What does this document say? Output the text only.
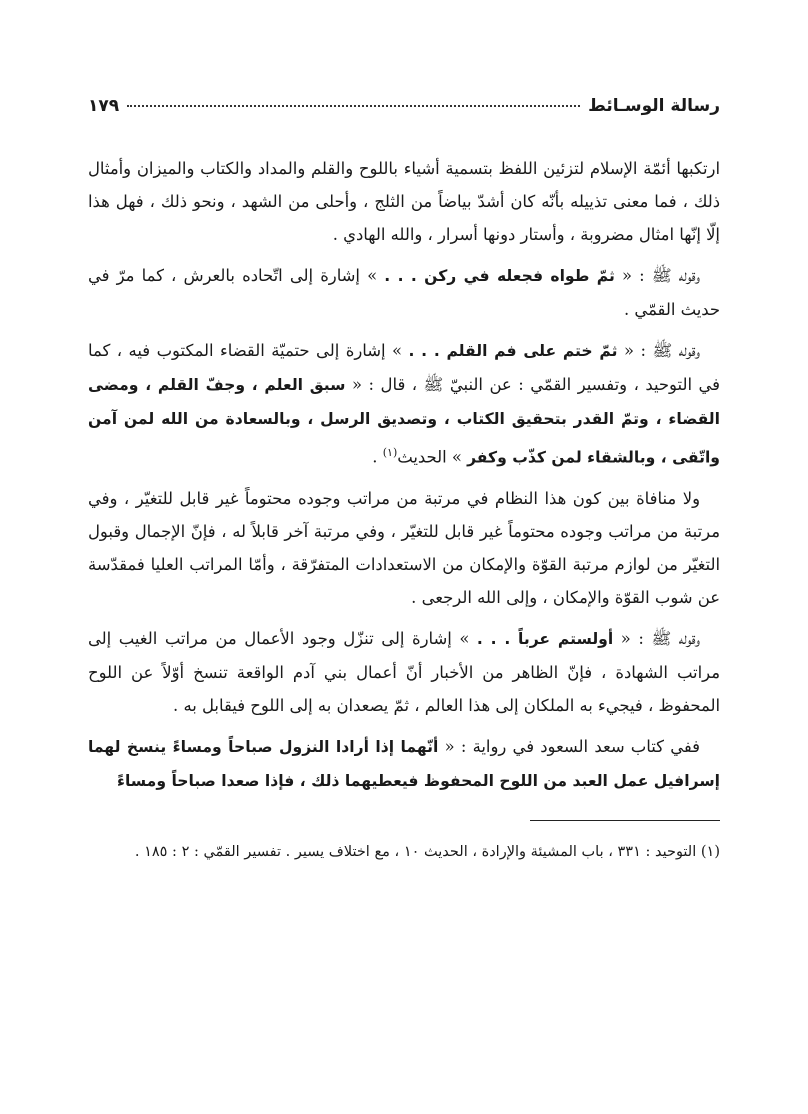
رسالة الوسـائط
١٧٩

ارتكبها أئمّة الإسلام لتزئين اللفظ بتسمية أشياء باللوح والقلم والمداد والكتاب والميزان وأمثال ذلك ، فما معنى تذييله بأنّه كان أشدّ بياضاً من الثلج ، وأحلى من الشهد ، ونحو ذلك ، فهل هذا إلّا إنّها امثال مضروبة ، وأستار دونها أسرار ، والله الهادي .

وقوله ﷺ : « ثمّ طواه فجعله في ركن . . . » إشارة إلى اتّحاده بالعرش ، كما مرّ في حديث القمّي .

وقوله ﷺ : « ثمّ ختم على فم القلم . . . » إشارة إلى حتميّة القضاء المكتوب فيه ، كما في التوحيد ، وتفسير القمّي : عن النبيّ ﷺ ، قال : « سبق العلم ، وجفّ القلم ، ومضى القضاء ، وتمّ القدر بتحقيق الكتاب ، وتصديق الرسل ، وبالسعادة من الله لمن آمن واتّقى ، وبالشقاء لمن كذّب وكفر » الحديث$^{(١)}$ .

ولا منافاة بين كون هذا النظام في مرتبة من مراتب وجوده محتوماً غير قابل للتغيّر ، وفي مرتبة من مراتب وجوده محتوماً غير قابل للتغيّر ، وفي مرتبة آخر قابلاً له ، فإنّ الإجمال وقبول التغيّر من لوازم مرتبة القوّة والإمكان من الاستعدادات المتفرّقة ، وأمّا المراتب العليا فمقدّسة عن شوب القوّة والإمكان ، وإلى الله الرجعى .

وقوله ﷺ : « أولستم عرباً . . . » إشارة إلى تنزّل وجود الأعمال من مراتب الغيب إلى مراتب الشهادة ، فإنّ الظاهر من الأخبار أنّ أعمال بني آدم الواقعة تنسخ أوّلاً عن اللوح المحفوظ ، فيجيء به الملكان إلى هذا العالم ، ثمّ يصعدان به إلى اللوح فيقابل به .

ففي كتاب سعد السعود في رواية : « أنّهما إذا أرادا النزول صباحاً ومساءً ينسخ لهما إسرافيل عمل العبد من اللوح المحفوظ فيعطيهما ذلك ، فإذا صعدا صباحاً ومساءً

(١) التوحيد : ٣٣١ ، باب المشيئة والإرادة ، الحديث ١٠ ، مع اختلاف يسير . تفسير القمّي : ٢ : ١٨٥ .
